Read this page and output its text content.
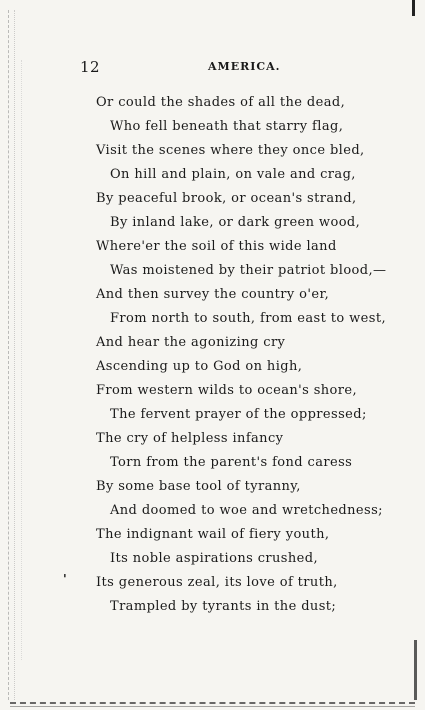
12	AMERICA.
Or could the shades of all the dead,
Who fell beneath that starry flag,
Visit the scenes where they once bled,
On hill and plain, on vale and crag,
By peaceful brook, or ocean's strand,
By inland lake, or dark green wood,
Where'er the soil of this wide land
Was moistened by their patriot blood,—
And then survey the country o'er,
From north to south, from east to west,
And hear the agonizing cry
Ascending up to God on high,
From western wilds to ocean's shore,
The fervent prayer of the oppressed;
The cry of helpless infancy
Torn from the parent's fond caress
By some base tool of tyranny,
And doomed to woe and wretchedness;
The indignant wail of fiery youth,
Its noble aspirations crushed,
Its generous zeal, its love of truth,
Trampled by tyrants in the dust;
'
